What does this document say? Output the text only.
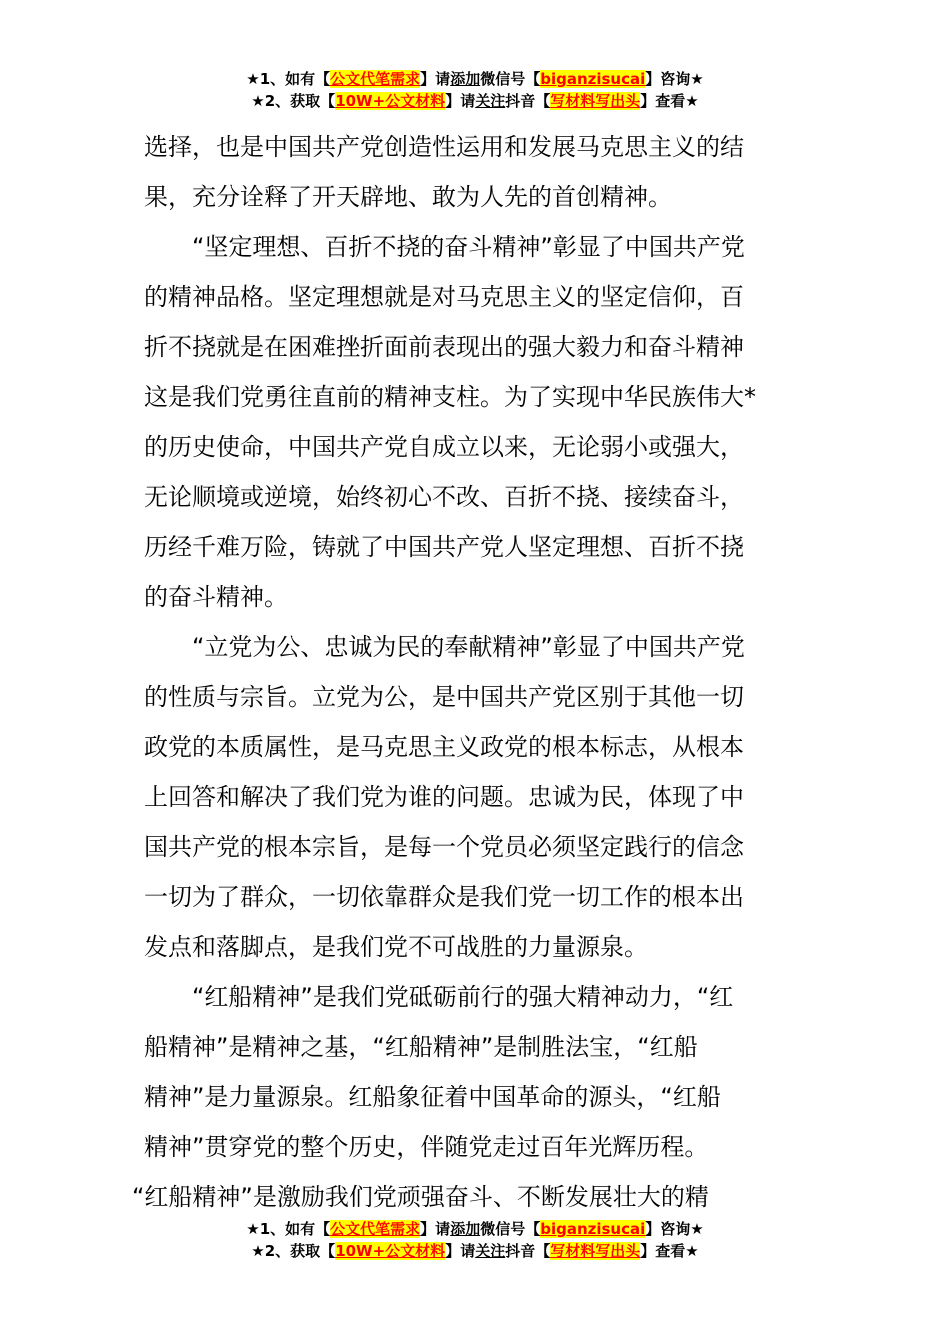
★1、如有【公文代笔需求】请添加微信号【biganzisucai】咨询★
★2、获取【10W+公文材料】请关注抖音【写材料写出头】查看★
选择，也是中国共产党创造性运用和发展马克思主义的结
果，充分诠释了开天辟地、敢为人先的首创精神。
“坚定理想、百折不挠的奋斗精神”彰显了中国共产党
的精神品格。坚定理想就是对马克思主义的坚定信仰，百
折不挠就是在困难挫折面前表现出的强大毅力和奋斗精神
这是我们党勇往直前的精神支柱。为了实现中华民族伟大*
的历史使命，中国共产党自成立以来，无论弱小或强大，
无论顺境或逆境，始终初心不改、百折不挠、接续奋斗，
历经千难万险，铸就了中国共产党人坚定理想、百折不挠
的奋斗精神。
“立党为公、忠诚为民的奉献精神”彰显了中国共产党
的性质与宗旨。立党为公，是中国共产党区别于其他一切
政党的本质属性，是马克思主义政党的根本标志，从根本
上回答和解决了我们党为谁的问题。忠诚为民，体现了中
国共产党的根本宗旨，是每一个党员必须坚定践行的信念
一切为了群众，一切依靠群众是我们党一切工作的根本出
发点和落脚点，是我们党不可战胜的力量源泉。
“红船精神”是我们党砥砺前行的强大精神动力，“红
船精神”是精神之基，“红船精神”是制胜法宝，“红船
精神”是力量源泉。红船象征着中国革命的源头，“红船
精神”贯穿党的整个历史，伴随党走过百年光辉历程。
“红船精神”是激励我们党顽强奋斗、不断发展壮大的精
★1、如有【公文代笔需求】请添加微信号【biganzisucai】咨询★
★2、获取【10W+公文材料】请关注抖音【写材料写出头】查看★
